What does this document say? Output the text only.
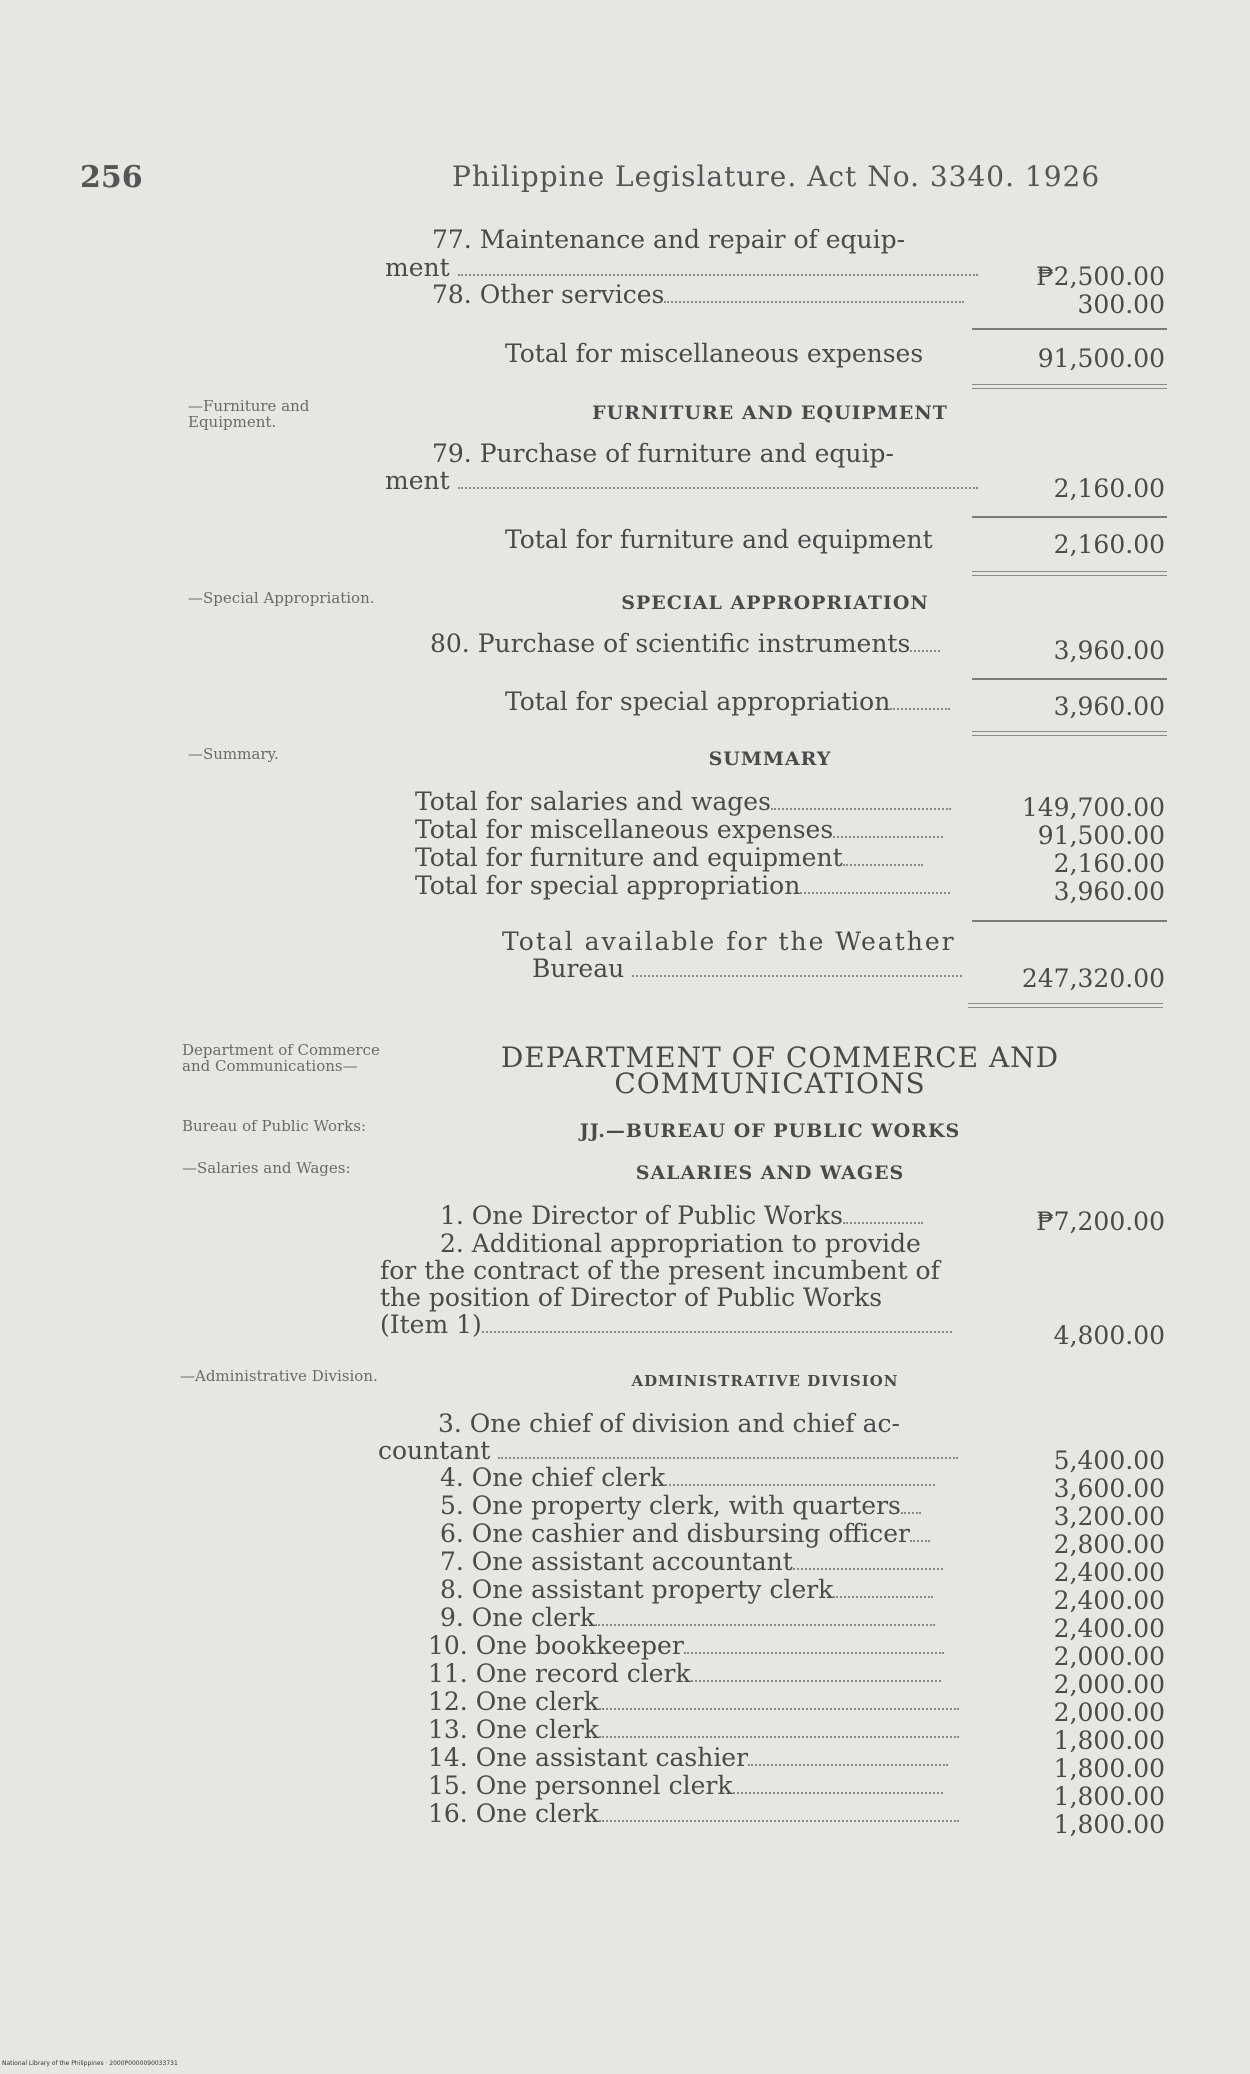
256	Philippine Legislature. Act No. 3340. 1926
77. Maintenance and repair of equip-
ment	₱2,500.00
78. Other services	300.00
Total for miscellaneous expenses	91,500.00
—Furniture and Equipment.	FURNITURE AND EQUIPMENT
79. Purchase of furniture and equip-
ment	2,160.00
Total for furniture and equipment	2,160.00
—Special Appropriation.	SPECIAL APPROPRIATION
80. Purchase of scientific instruments	3,960.00
Total for special appropriation	3,960.00
—Summary.	SUMMARY
Total for salaries and wages	149,700.00
Total for miscellaneous expenses	91,500.00
Total for furniture and equipment	2,160.00
Total for special appropriation	3,960.00
Total available for the Weather
Bureau	247,320.00
Department of Commerce and Communications—	DEPARTMENT OF COMMERCE AND
COMMUNICATIONS
Bureau of Public Works:	JJ.—BUREAU OF PUBLIC WORKS
—Salaries and Wages:	SALARIES AND WAGES
1. One Director of Public Works	₱7,200.00
2. Additional appropriation to provide
for the contract of the present incumbent of
the position of Director of Public Works
(Item 1)	4,800.00
—Administrative Division.	ADMINISTRATIVE DIVISION
3. One chief of division and chief ac-
countant	5,400.00
4. One chief clerk	3,600.00
5. One property clerk, with quarters	3,200.00
6. One cashier and disbursing officer	2,800.00
7. One assistant accountant	2,400.00
8. One assistant property clerk	2,400.00
9. One clerk	2,400.00
10. One bookkeeper	2,000.00
11. One record clerk	2,000.00
12. One clerk	2,000.00
13. One clerk	1,800.00
14. One assistant cashier	1,800.00
15. One personnel clerk	1,800.00
16. One clerk	1,800.00
National Library of the Philippines · 2000P0000090033731
